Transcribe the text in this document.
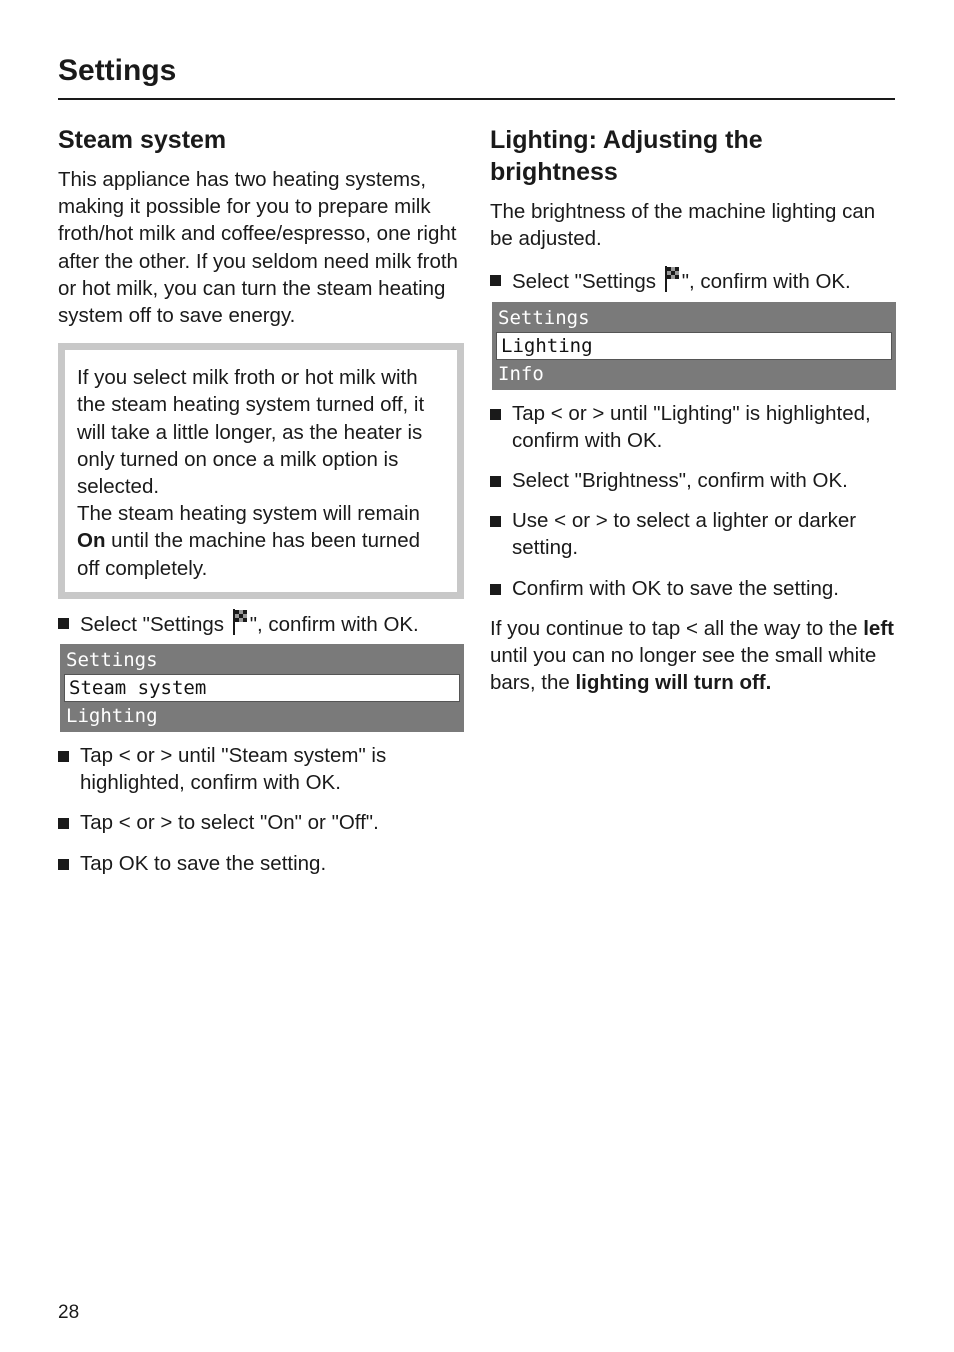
Settings
Steam system

This appliance has two heating systems, making it possible for you to prepare milk froth/hot milk and coffee/espresso, one right after the other. If you seldom need milk froth or hot milk, you can turn the steam heating system off to save energy.

If you select milk froth or hot milk with the steam heating system turned off, it will take a little longer, as the heater is only turned on once a milk option is selected.
The steam heating system will remain On until the machine has been turned off completely.
Select "Settings ", confirm with OK.
Settings
Steam system
Lighting
Tap < or > until "Steam system" is highlighted, confirm with OK.
Tap < or > to select "On" or "Off".
Tap OK to save the setting.
Lighting: Adjusting the brightness

The brightness of the machine lighting can be adjusted.

Select "Settings ", confirm with OK.
Settings
Lighting
Info
Tap < or > until "Lighting" is highlighted, confirm with OK.
Select "Brightness", confirm with OK.
Use < or > to select a lighter or darker setting.
Confirm with OK to save the setting.

If you continue to tap < all the way to the left until you can no longer see the small white bars, the lighting will turn off.

28
